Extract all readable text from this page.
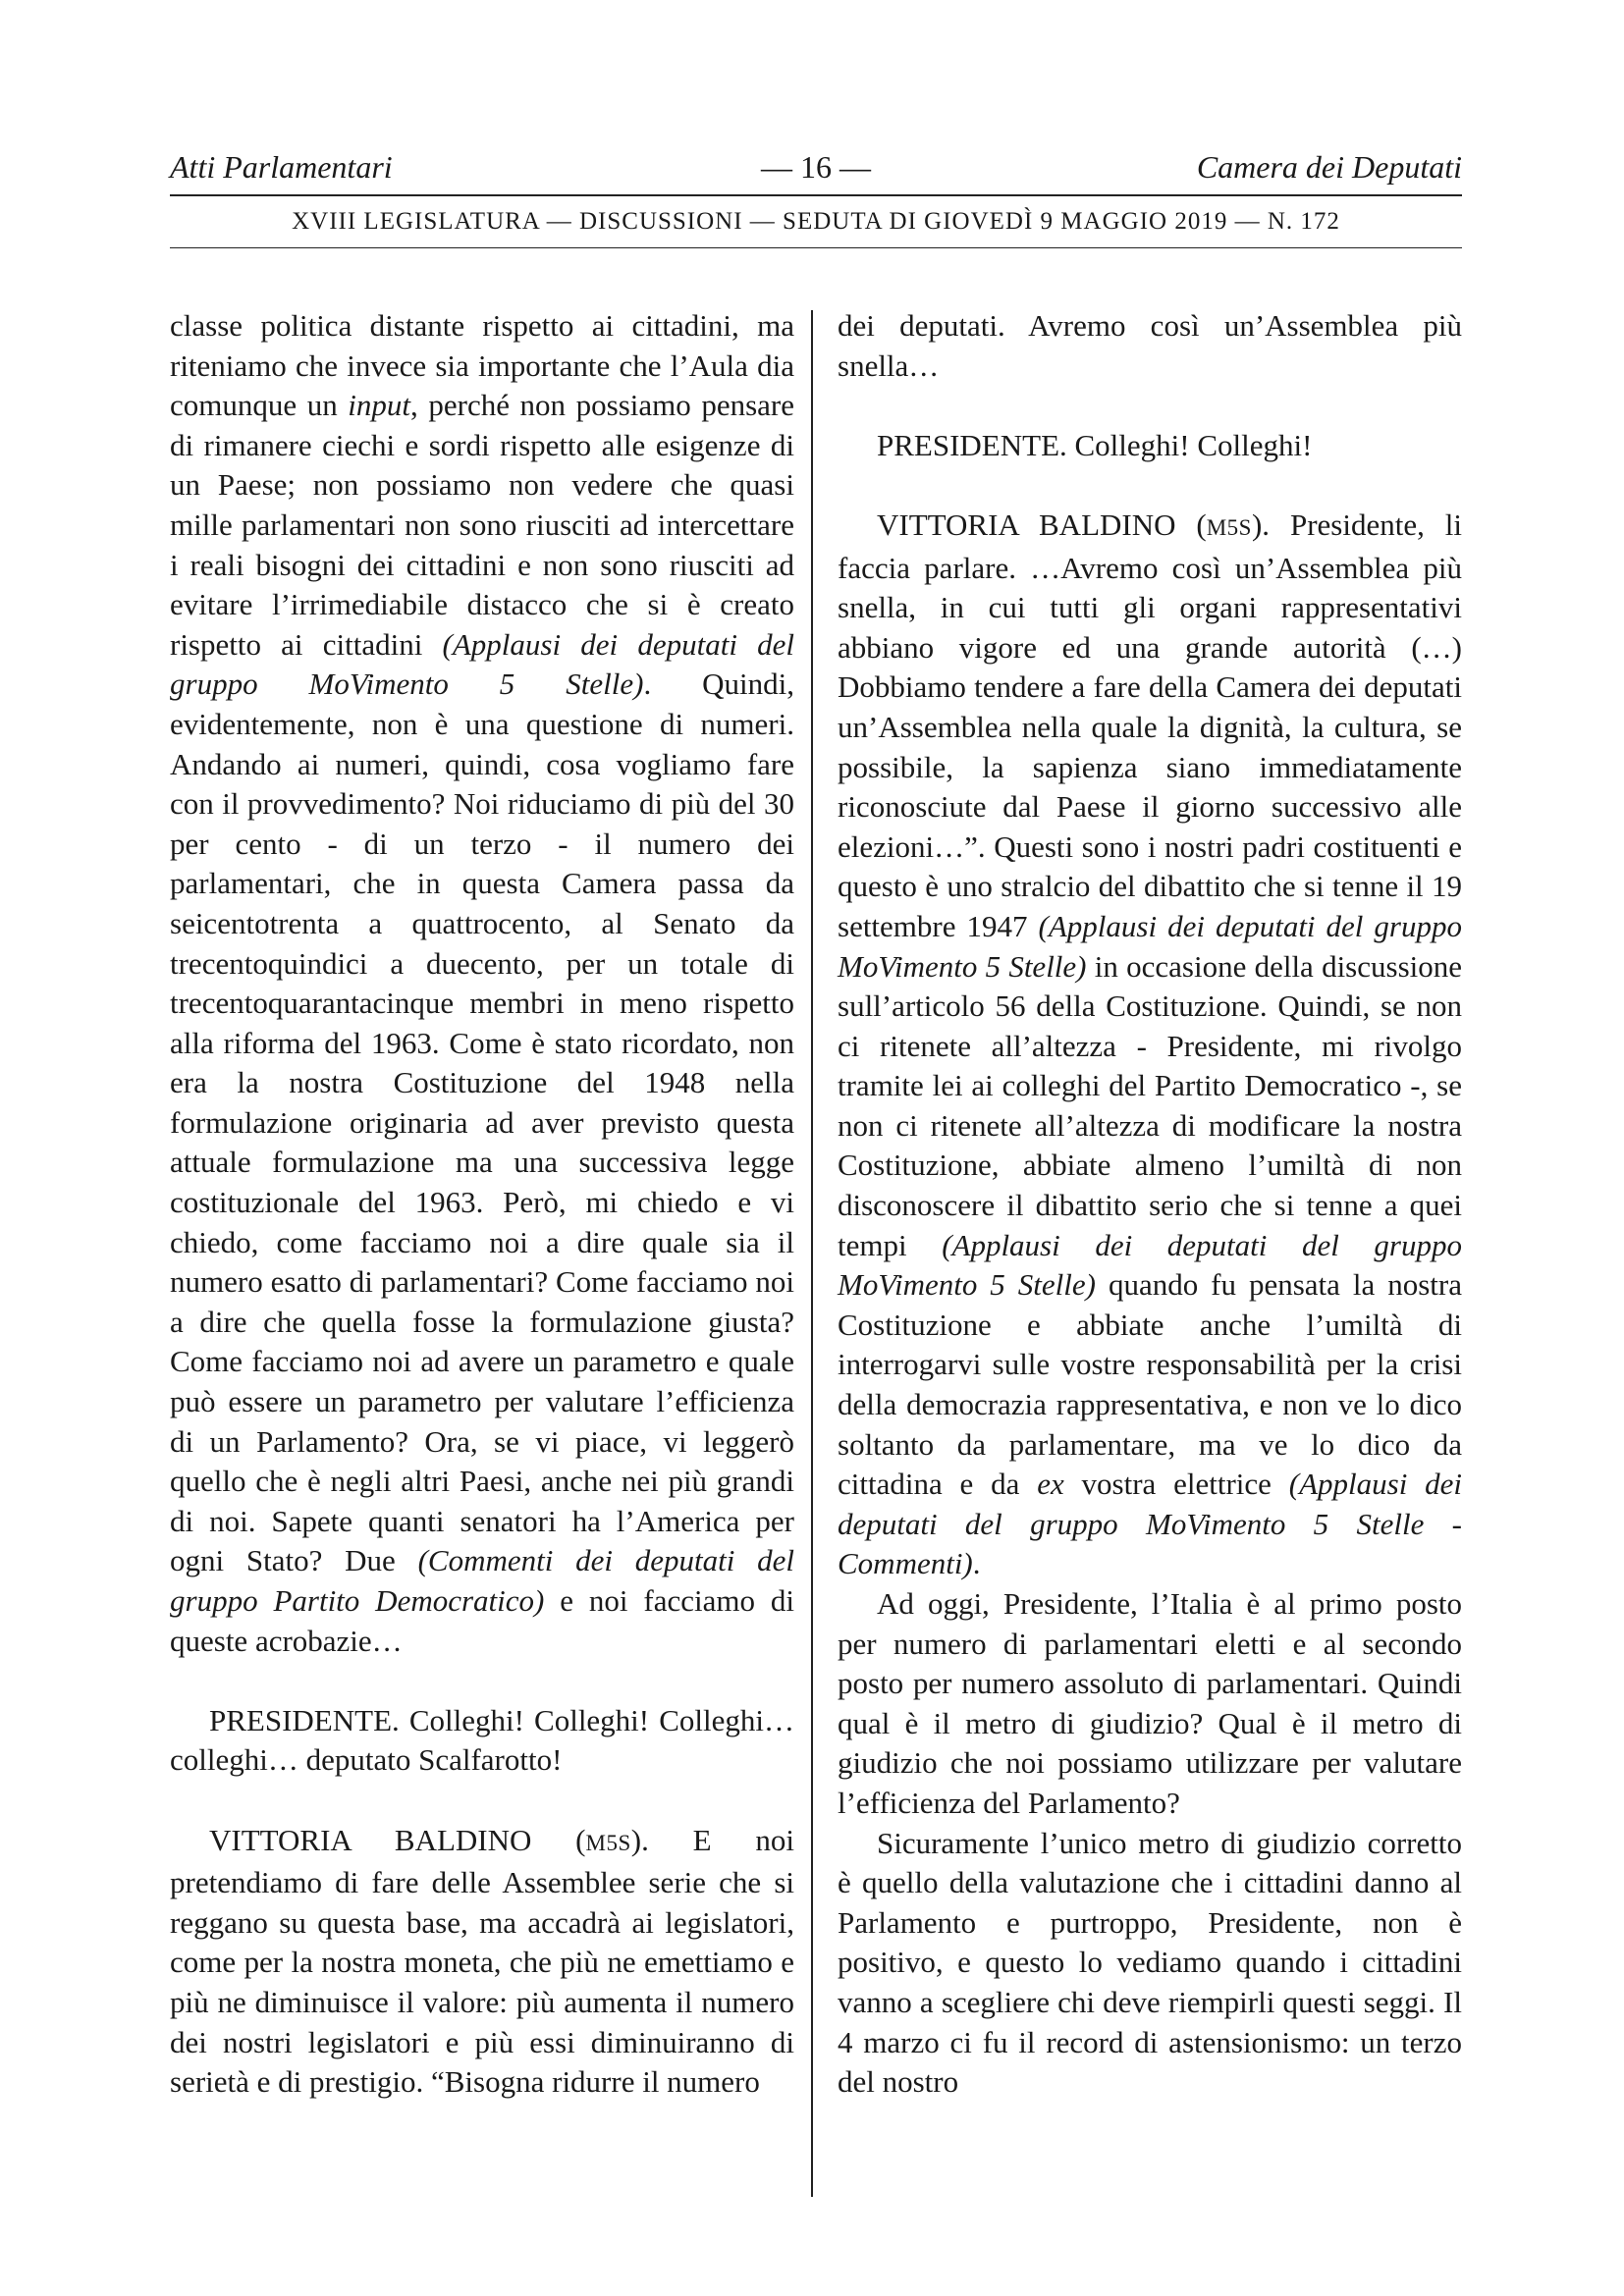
Atti Parlamentari	— 16 —	Camera dei Deputati
XVIII LEGISLATURA — DISCUSSIONI — SEDUTA DI GIOVEDÌ 9 MAGGIO 2019 — N. 172

classe politica distante rispetto ai cittadini, ma riteniamo che invece sia importante che l’Aula dia comunque un input, perché non possiamo pensare di rimanere ciechi e sordi rispetto alle esigenze di un Paese; non possiamo non vedere che quasi mille parlamentari non sono riusciti ad intercettare i reali bisogni dei cittadini e non sono riusciti ad evitare l’irrimediabile distacco che si è creato rispetto ai cittadini (Applausi dei deputati del gruppo MoVimento 5 Stelle). Quindi, evidentemente, non è una questione di numeri. Andando ai numeri, quindi, cosa vogliamo fare con il provvedimento? Noi riduciamo di più del 30 per cento - di un terzo - il numero dei parlamentari, che in questa Camera passa da seicentotrenta a quattrocento, al Senato da trecentoquindici a duecento, per un totale di trecentoquarantacinque membri in meno rispetto alla riforma del 1963. Come è stato ricordato, non era la nostra Costituzione del 1948 nella formulazione originaria ad aver previsto questa attuale formulazione ma una successiva legge costituzionale del 1963. Però, mi chiedo e vi chiedo, come facciamo noi a dire quale sia il numero esatto di parlamentari? Come facciamo noi a dire che quella fosse la formulazione giusta? Come facciamo noi ad avere un parametro e quale può essere un parametro per valutare l’efficienza di un Parlamento? Ora, se vi piace, vi leggerò quello che è negli altri Paesi, anche nei più grandi di noi. Sapete quanti senatori ha l’America per ogni Stato? Due (Commenti dei deputati del gruppo Partito Democratico) e noi facciamo di queste acrobazie…

PRESIDENTE. Colleghi! Colleghi! Colleghi… colleghi… deputato Scalfarotto!

VITTORIA BALDINO (M5S). E noi pretendiamo di fare delle Assemblee serie che si reggano su questa base, ma accadrà ai legislatori, come per la nostra moneta, che più ne emettiamo e più ne diminuisce il valore: più aumenta il numero dei nostri legislatori e più essi diminuiranno di serietà e di prestigio. “Bisogna ridurre il numero

dei deputati. Avremo così un’Assemblea più snella…

PRESIDENTE. Colleghi! Colleghi!

VITTORIA BALDINO (M5S). Presidente, li faccia parlare. …Avremo così un’Assemblea più snella, in cui tutti gli organi rappresentativi abbiano vigore ed una grande autorità (…) Dobbiamo tendere a fare della Camera dei deputati un’Assemblea nella quale la dignità, la cultura, se possibile, la sapienza siano immediatamente riconosciute dal Paese il giorno successivo alle elezioni…”. Questi sono i nostri padri costituenti e questo è uno stralcio del dibattito che si tenne il 19 settembre 1947 (Applausi dei deputati del gruppo MoVimento 5 Stelle) in occasione della discussione sull’articolo 56 della Costituzione. Quindi, se non ci ritenete all’altezza - Presidente, mi rivolgo tramite lei ai colleghi del Partito Democratico -, se non ci ritenete all’altezza di modificare la nostra Costituzione, abbiate almeno l’umiltà di non disconoscere il dibattito serio che si tenne a quei tempi (Applausi dei deputati del gruppo MoVimento 5 Stelle) quando fu pensata la nostra Costituzione e abbiate anche l’umiltà di interrogarvi sulle vostre responsabilità per la crisi della democrazia rappresentativa, e non ve lo dico soltanto da parlamentare, ma ve lo dico da cittadina e da ex vostra elettrice (Applausi dei deputati del gruppo MoVimento 5 Stelle - Commenti).

Ad oggi, Presidente, l’Italia è al primo posto per numero di parlamentari eletti e al secondo posto per numero assoluto di parlamentari. Quindi qual è il metro di giudizio? Qual è il metro di giudizio che noi possiamo utilizzare per valutare l’efficienza del Parlamento?

Sicuramente l’unico metro di giudizio corretto è quello della valutazione che i cittadini danno al Parlamento e purtroppo, Presidente, non è positivo, e questo lo vediamo quando i cittadini vanno a scegliere chi deve riempirli questi seggi. Il 4 marzo ci fu il record di astensionismo: un terzo del nostro
